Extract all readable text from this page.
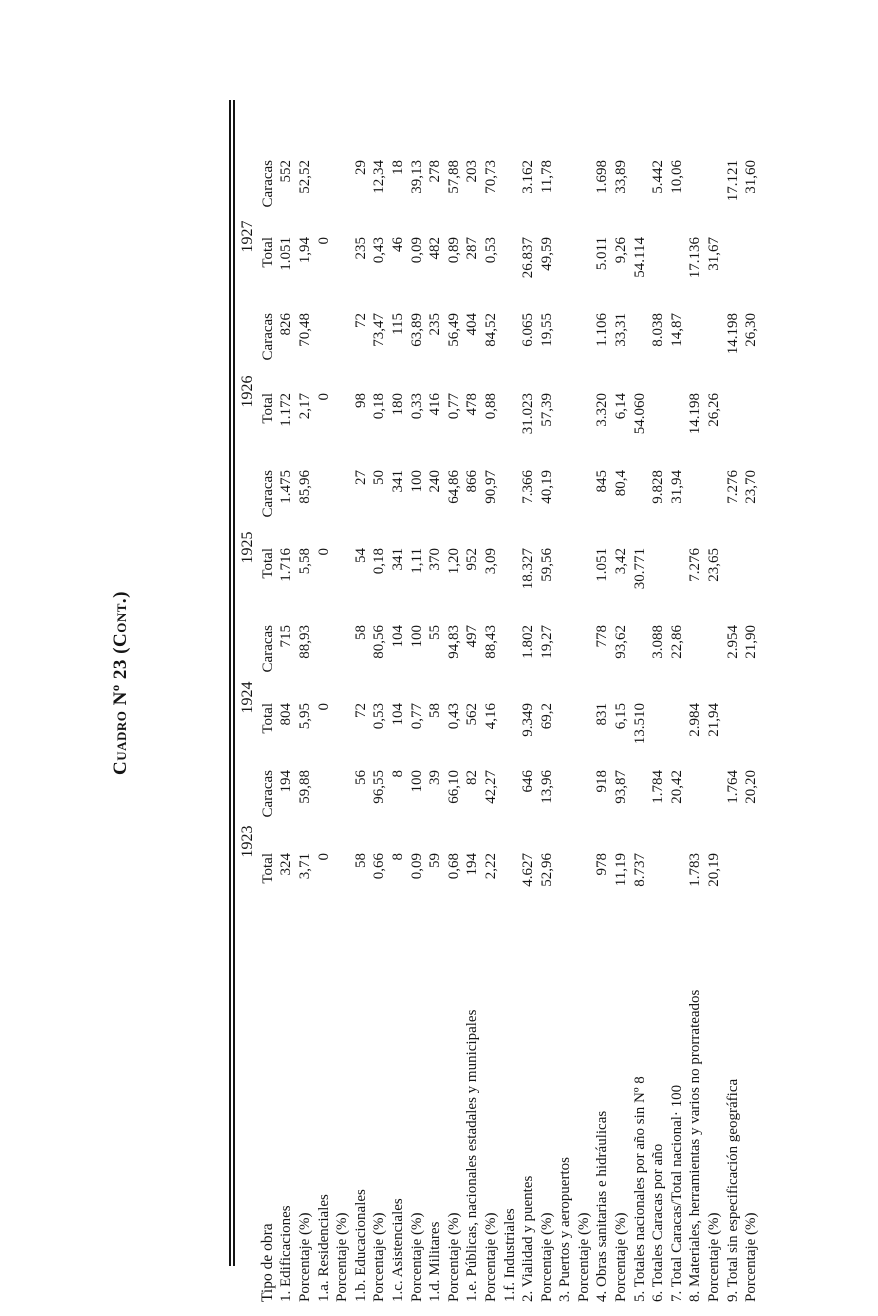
Cuadro Nº 23 (Cont.)
Tipo de obra	1923		1924		1925		1926		1927	
	Total	Caracas	Total	Caracas	Total	Caracas	Total	Caracas	Total	Caracas
1. Edificaciones	324	194	804	715	1.716	1.475	1.172	826	1.051	552
Porcentaje (%)	3,71	59,88	5,95	88,93	5,58	85,96	2,17	70,48	1,94	52,52
1.a. Residenciales	0		0		0		0		0	
Porcentaje (%)										
1.b. Educacionales	58	56	72	58	54	27	98	72	235	29
Porcentaje (%)	0,66	96,55	0,53	80,56	0,18	50	0,18	73,47	0,43	12,34
1.c. Asistenciales	8	8	104	104	341	341	180	115	46	18
Porcentaje (%)	0,09	100	0,77	100	1,11	100	0,33	63,89	0,09	39,13
1.d. Militares	59	39	58	55	370	240	416	235	482	278
Porcentaje (%)	0,68	66,10	0,43	94,83	1,20	64,86	0,77	56,49	0,89	57,88
1.e. Públicas, nacionales estadales y municipales	194	82	562	497	952	866	478	404	287	203
Porcentaje (%)	2,22	42,27	4,16	88,43	3,09	90,97	0,88	84,52	0,53	70,73
1.f. Industriales										
2. Vialidad y puentes	4.627	646	9.349	1.802	18.327	7.366	31.023	6.065	26.837	3.162
Porcentaje (%)	52,96	13,96	69,2	19,27	59,56	40,19	57,39	19,55	49,59	11,78
3. Puertos y aeropuertos										
Porcentaje (%)										
4. Obras sanitarias e hidráulicas	978	918	831	778	1.051	845	3.320	1.106	5.011	1.698
Porcentaje (%)	11,19	93,87	6,15	93,62	3,42	80,4	6,14	33,31	9,26	33,89
5. Totales nacionales por año sin Nº 8	8.737		13.510		30.771		54.060		54.114	
6. Totales Caracas por año		1.784		3.088		9.828		8.038		5.442
7. Total Caracas/Total nacional· 100		20,42		22,86		31,94		14,87		10,06
8. Materiales, herramientas y varios no prorrateados	1.783		2.984		7.276		14.198		17.136	
Porcentaje (%)	20,19		21,94		23,65		26,26		31,67	
9. Total sin especificación geográfica		1.764		2.954		7.276		14.198		17.121
Porcentaje (%)		20,20		21,90		23,70		26,30		31,60
